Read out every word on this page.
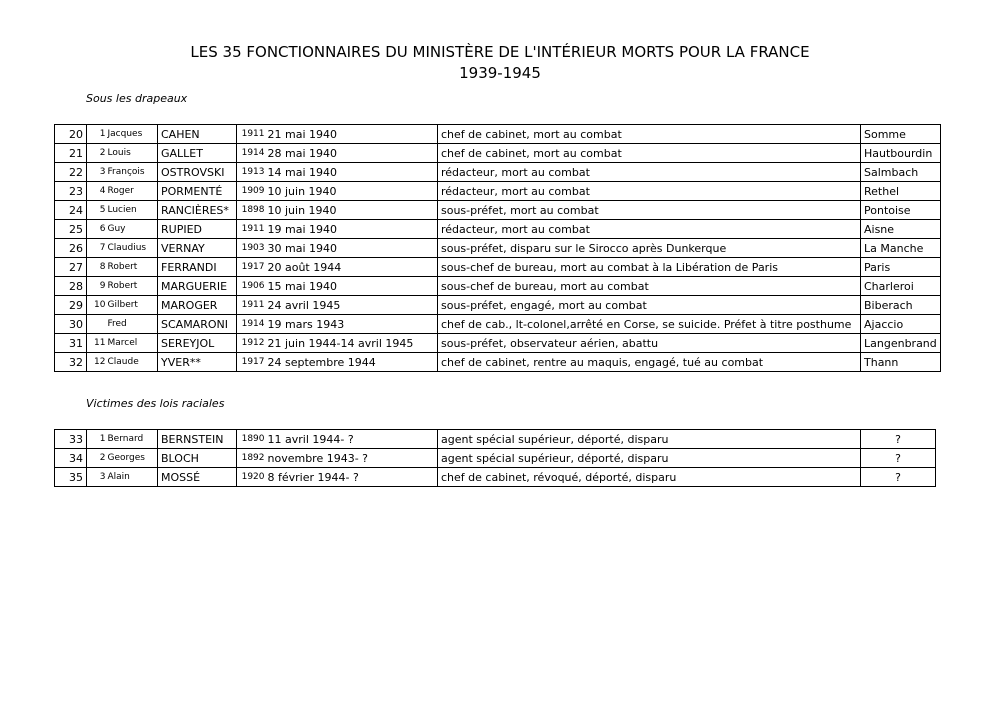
LES 35 FONCTIONNAIRES DU MINISTÈRE DE L'INTÉRIEUR MORTS POUR LA FRANCE
1939-1945
Sous les drapeaux
20	1	Jacques	CAHEN	1911	21 mai 1940	chef de cabinet, mort au combat	Somme
21	2	Louis	GALLET	1914	28 mai 1940	chef de cabinet, mort au combat	Hautbourdin
22	3	François	OSTROVSKI	1913	14 mai 1940	rédacteur, mort au combat	Salmbach
23	4	Roger	PORMENTÉ	1909	10 juin 1940	rédacteur, mort au combat	Rethel
24	5	Lucien	RANCIÈRES*	1898	10 juin 1940	sous-préfet, mort au combat	Pontoise
25	6	Guy	RUPIED	1911	19 mai 1940	rédacteur, mort au combat	Aisne
26	7	Claudius	VERNAY	1903	30 mai 1940	sous-préfet, disparu sur le Sirocco après Dunkerque	La Manche
27	8	Robert	FERRANDI	1917	20 août 1944	sous-chef de bureau, mort au combat à la Libération de Paris	Paris
28	9	Robert	MARGUERIE	1906	15 mai 1940	sous-chef de bureau, mort au combat	Charleroi
29	10	Gilbert	MAROGER	1911	24 avril 1945	sous-préfet, engagé, mort au combat	Biberach
30		Fred	SCAMARONI	1914	19 mars 1943	chef de cab., lt-colonel,arrêté en Corse, se suicide. Préfet à titre posthume	Ajaccio
31	11	Marcel	SEREYJOL	1912	21 juin 1944-14 avril 1945	sous-préfet, observateur aérien, abattu	Langenbrand
32	12	Claude	YVER**	1917	24 septembre 1944	chef de cabinet, rentre au maquis, engagé, tué au combat	Thann
Victimes des lois raciales
33	1	Bernard	BERNSTEIN	1890	11 avril 1944- ?	agent spécial supérieur, déporté, disparu	?
34	2	Georges	BLOCH	1892	novembre 1943- ?	agent spécial supérieur, déporté, disparu	?
35	3	Alain	MOSSÉ	1920	8 février 1944- ?	chef de cabinet, révoqué, déporté, disparu	?
